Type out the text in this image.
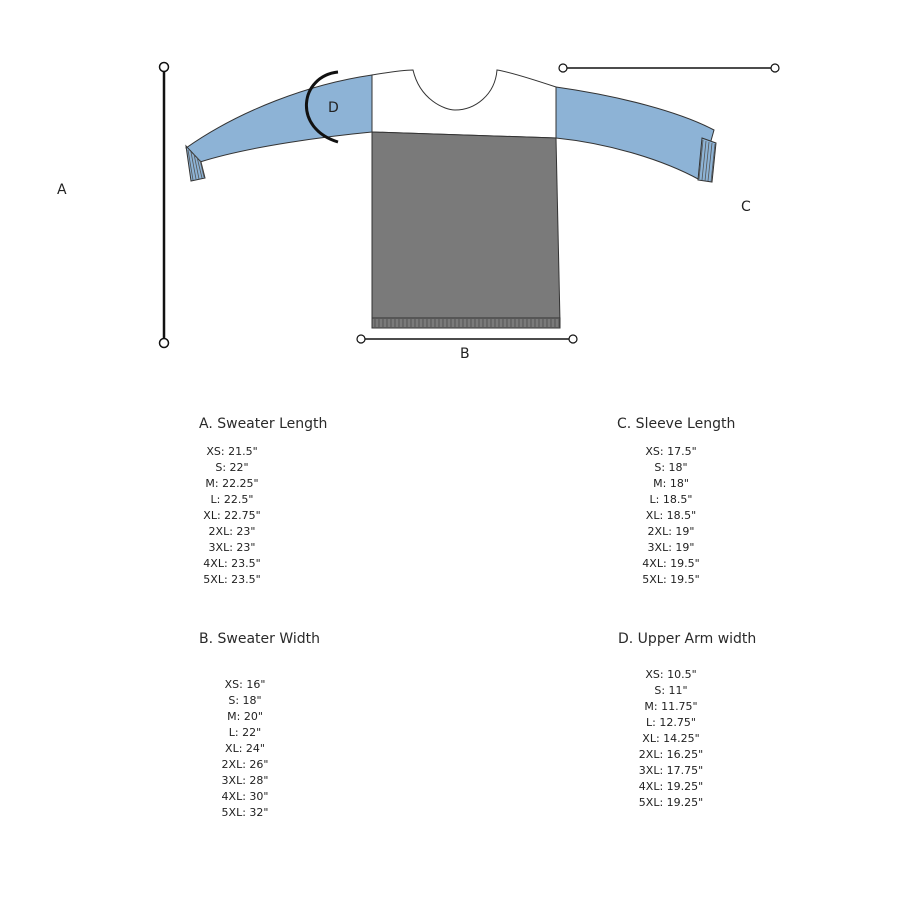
A
B
C
D
A. Sweater Length
XS: 21.5"
S: 22"
M: 22.25"
L: 22.5"
XL: 22.75"
2XL: 23"
3XL: 23"
4XL: 23.5"
5XL: 23.5"
B. Sweater Width
XS: 16"
S: 18"
M: 20"
L: 22"
XL: 24"
2XL: 26"
3XL: 28"
4XL: 30"
5XL: 32"
C. Sleeve Length
XS: 17.5"
S: 18"
M: 18"
L: 18.5"
XL: 18.5"
2XL: 19"
3XL: 19"
4XL: 19.5"
5XL: 19.5"
D. Upper Arm width
XS: 10.5"
S: 11"
M: 11.75"
L: 12.75"
XL: 14.25"
2XL: 16.25"
3XL: 17.75"
4XL: 19.25"
5XL: 19.25"
